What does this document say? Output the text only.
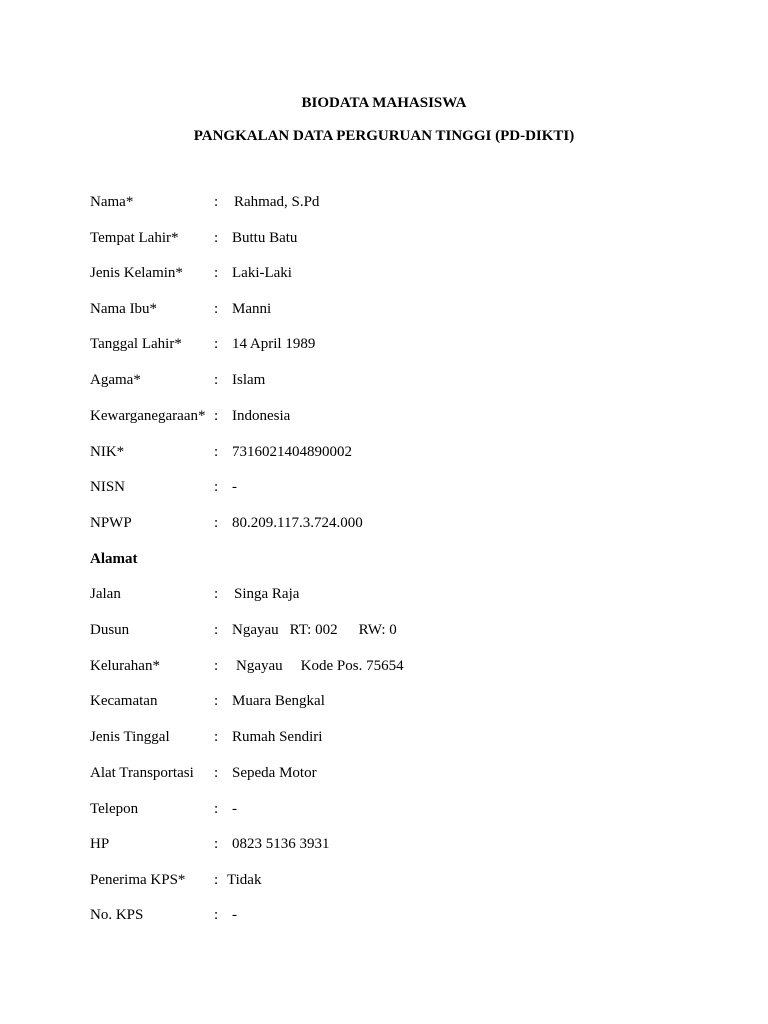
BIODATA MAHASISWA
PANGKALAN DATA PERGURUAN TINGGI (PD-DIKTI)
Nama*	: Rahmad, S.Pd
Tempat Lahir* : Buttu Batu
Jenis Kelamin* : Laki-Laki
Nama Ibu*	: Manni
Tanggal Lahir* : 14 April 1989
Agama*	: Islam
Kewarganegaraan* : Indonesia
NIK*	: 7316021404890002
NISN	: -
NPWP	: 80.209.117.3.724.000
Alamat
Jalan	: Singa Raja
Dusun	: Ngayau RT: 002 RW: 0
Kelurahan*	: Ngayau Kode Pos. 75654
Kecamatan	: Muara Bengkal
Jenis Tinggal	: Rumah Sendiri
Alat Transportasi : Sepeda Motor
Telepon	: -
HP	: 0823 5136 3931
Penerima KPS* : Tidak
No. KPS	: -
